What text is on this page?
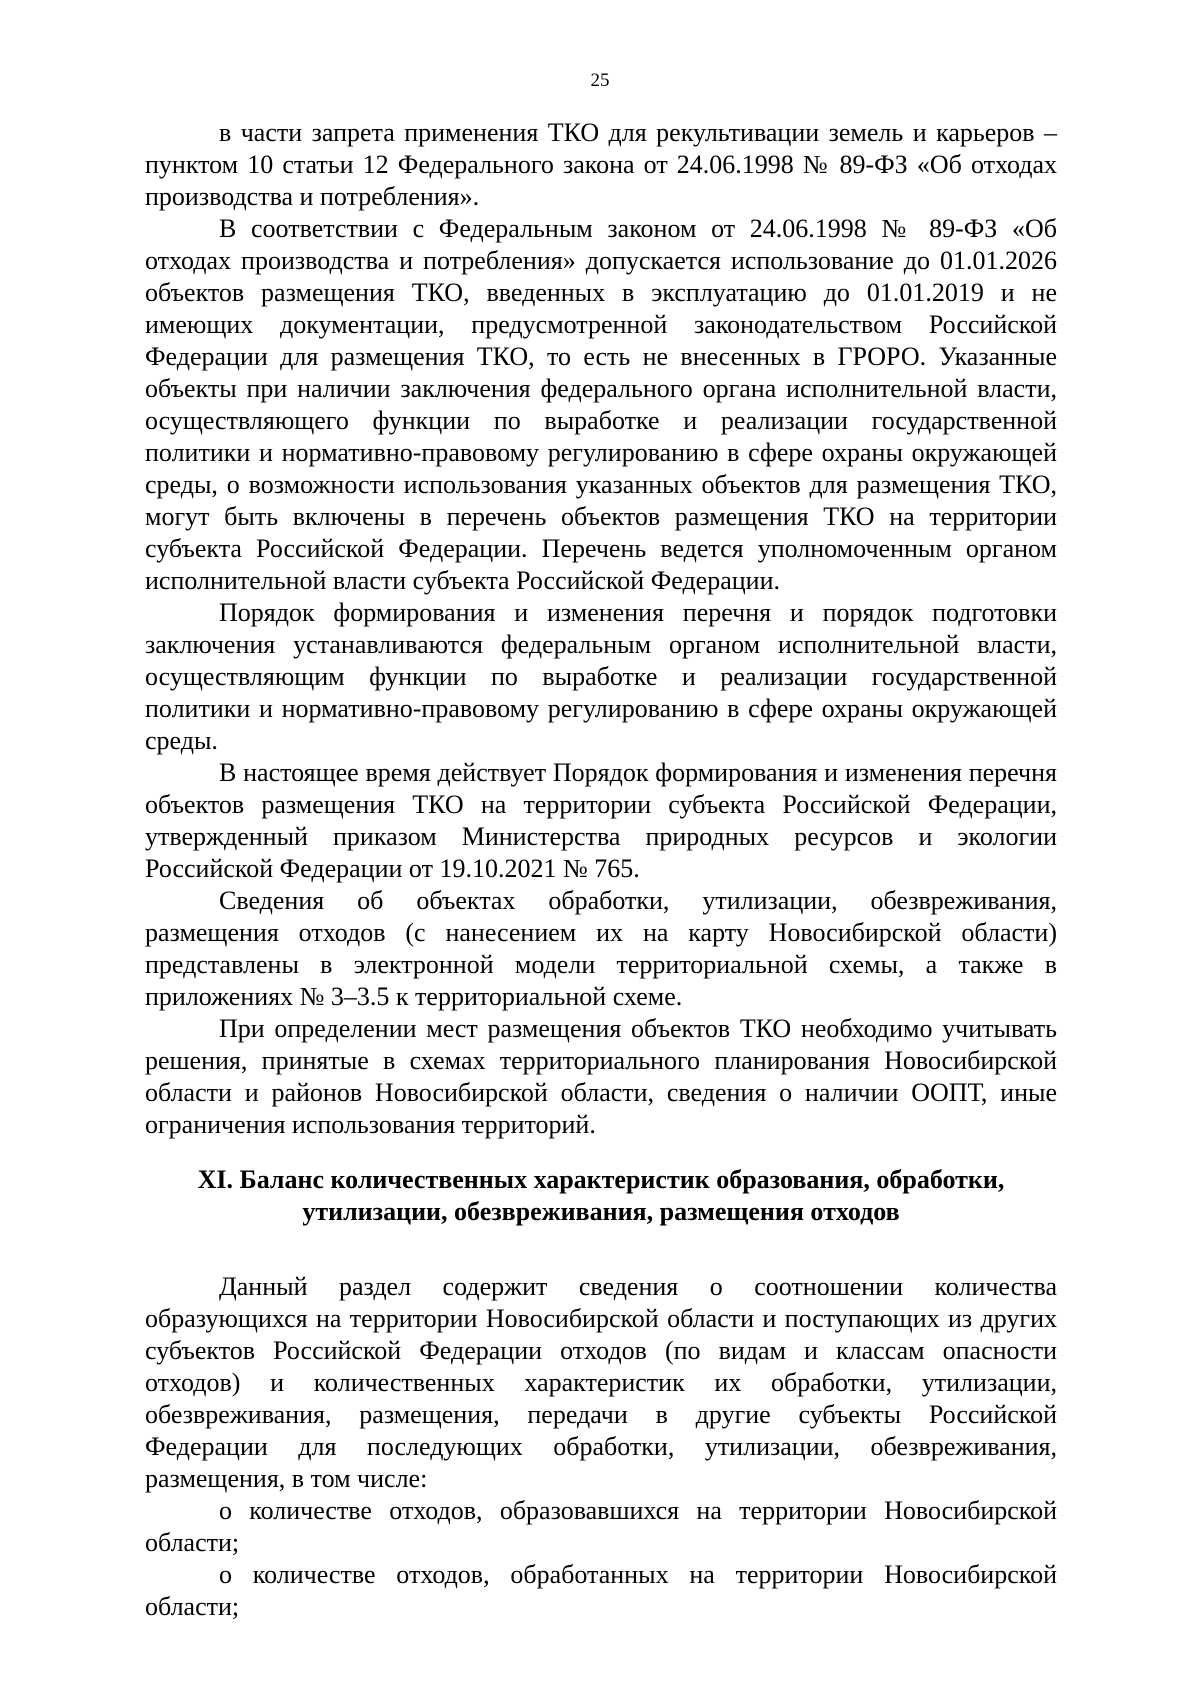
25

в части запрета применения ТКО для рекультивации земель и карьеров – пунктом 10 статьи 12 Федерального закона от 24.06.1998 № 89-ФЗ «Об отходах производства и потребления».

В соответствии с Федеральным законом от 24.06.1998 № 89-ФЗ «Об отходах производства и потребления» допускается использование до 01.01.2026 объектов размещения ТКО, введенных в эксплуатацию до 01.01.2019 и не имеющих документации, предусмотренной законодательством Российской Федерации для размещения ТКО, то есть не внесенных в ГРОРО. Указанные объекты при наличии заключения федерального органа исполнительной власти, осуществляющего функции по выработке и реализации государственной политики и нормативно-правовому регулированию в сфере охраны окружающей среды, о возможности использования указанных объектов для размещения ТКО, могут быть включены в перечень объектов размещения ТКО на территории субъекта Российской Федерации. Перечень ведется уполномоченным органом исполнительной власти субъекта Российской Федерации.

Порядок формирования и изменения перечня и порядок подготовки заключения устанавливаются федеральным органом исполнительной власти, осуществляющим функции по выработке и реализации государственной политики и нормативно-правовому регулированию в сфере охраны окружающей среды.

В настоящее время действует Порядок формирования и изменения перечня объектов размещения ТКО на территории субъекта Российской Федерации, утвержденный приказом Министерства природных ресурсов и экологии Российской Федерации от 19.10.2021 № 765.

Сведения об объектах обработки, утилизации, обезвреживания, размещения отходов (с нанесением их на карту Новосибирской области) представлены в электронной модели территориальной схемы, а также в приложениях № 3–3.5 к территориальной схеме.

При определении мест размещения объектов ТКО необходимо учитывать решения, принятые в схемах территориального планирования Новосибирской области и районов Новосибирской области, сведения о наличии ООПТ, иные ограничения использования территорий.

XI. Баланс количественных характеристик образования, обработки,
утилизации, обезвреживания, размещения отходов

Данный раздел содержит сведения о соотношении количества образующихся на территории Новосибирской области и поступающих из других субъектов Российской Федерации отходов (по видам и классам опасности отходов) и количественных характеристик их обработки, утилизации, обезвреживания, размещения, передачи в другие субъекты Российской Федерации для последующих обработки, утилизации, обезвреживания, размещения, в том числе:

о количестве отходов, образовавшихся на территории Новосибирской области;

о количестве отходов, обработанных на территории Новосибирской области;
